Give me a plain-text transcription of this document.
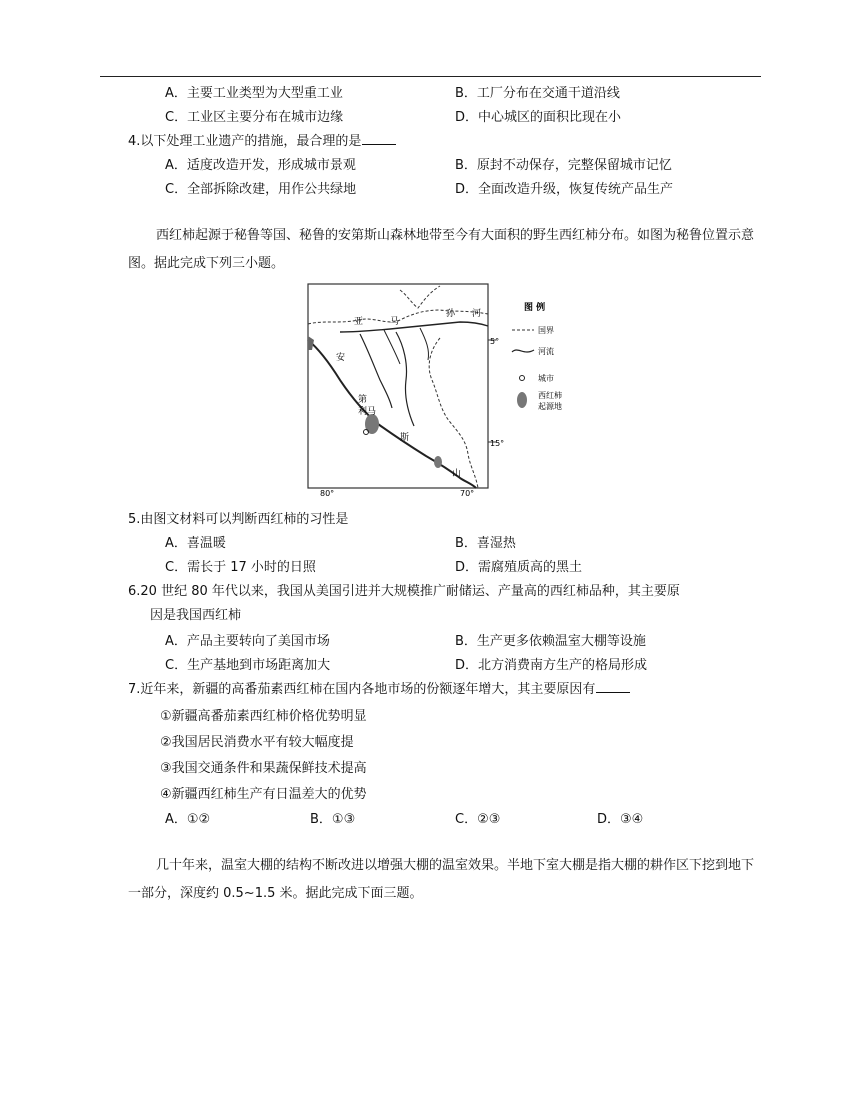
A．主要工业类型为大型重工业	B．工厂分布在交通干道沿线
C．工业区主要分布在城市边缘	D．中心城区的面积比现在小
4.以下处理工业遗产的措施，最合理的是
A．适度改造开发，形成城市景观	B．原封不动保存，完整保留城市记忆
C．全部拆除改建，用作公共绿地	D．全面改造升级，恢复传统产品生产
西红柿起源于秘鲁等国、秘鲁的安第斯山森林地带至今有大面积的野生西红柿分布。如图为秘鲁位置示意图。据此完成下列三小题。
亚	马
孙 河
安
第
利马
斯
山
5°
15°
80°	70°
图 例
国界
河流
城市
西红柿
起源地
5.由图文材料可以判断西红柿的习性是
A．喜温暖	B．喜湿热
C．需长于 17 小时的日照	D．需腐殖质高的黑土
6.20 世纪 80 年代以来，我国从美国引进并大规模推广耐储运、产量高的西红柿品种，其主要原
因是我国西红柿
A．产品主要转向了美国市场	B．生产更多依赖温室大棚等设施
C．生产基地到市场距离加大	D．北方消费南方生产的格局形成
7.近年来，新疆的高番茄素西红柿在国内各地市场的份额逐年增大，其主要原因有
①新疆高番茄素西红柿价格优势明显
②我国居民消费水平有较大幅度提
③我国交通条件和果蔬保鲜技术提高
④新疆西红柿生产有日温差大的优势
A．①②	B．①③	C．②③	D．③④
几十年来，温室大棚的结构不断改进以增强大棚的温室效果。半地下室大棚是指大棚的耕作区下挖到地下一部分，深度约 0.5~1.5 米。据此完成下面三题。
